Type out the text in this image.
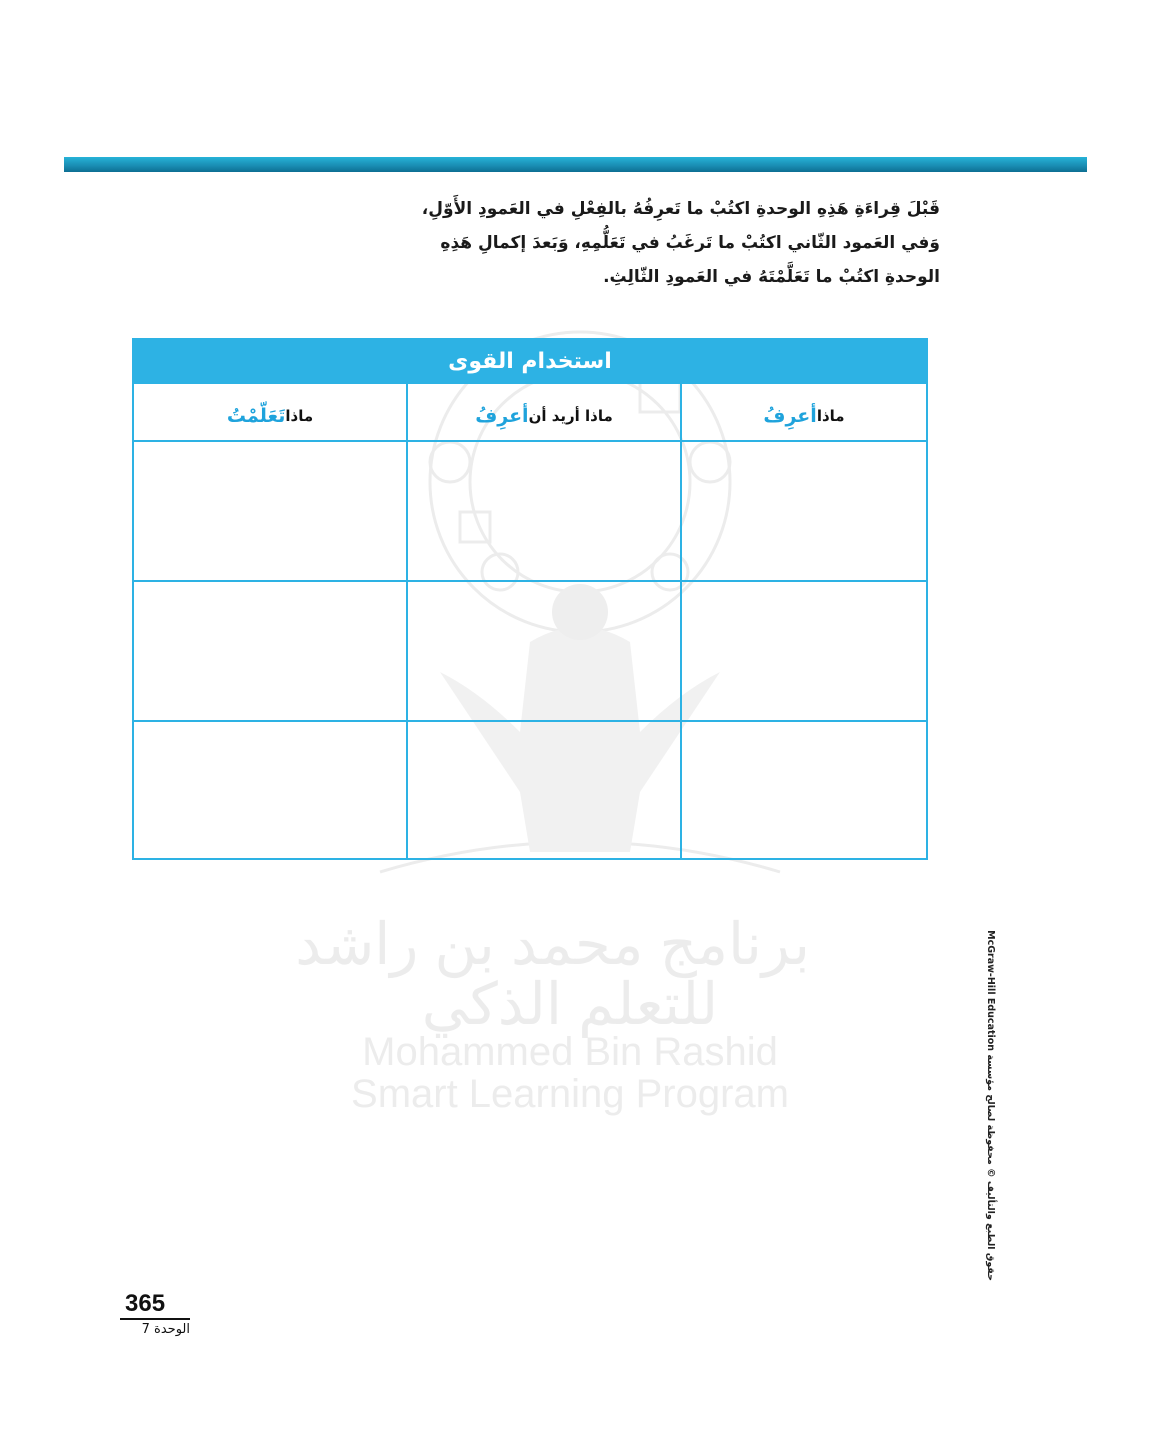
قَبْلَ قِراءَةِ هَذِهِ الوحدةِ اكتُبْ ما تَعرِفُهُ بالفِعْلِ في العَمودِ الأَوّلِ،

وَفي العَمود الثّاني اكتُبْ ما تَرغَبُ في تَعَلُّمِهِ، وَبَعدَ إكمالِ هَذِهِ

الوحدةِ اكتُبْ ما تَعَلَّمْتَهُ في العَمودِ الثّالِثِ.

برنامج محمد بن راشد
للتعلم الذكي
Mohammed Bin Rashid
Smart Learning Program
استخدام القوى
ماذا
تَعَلّمْتُ	ماذا أريد أن
أعرِفُ	ماذا
أعرِفُ
حقوق الطبع والتأليف © محفوظة لصالح مؤسسة McGraw-Hill Education
365
الوحدة 7
